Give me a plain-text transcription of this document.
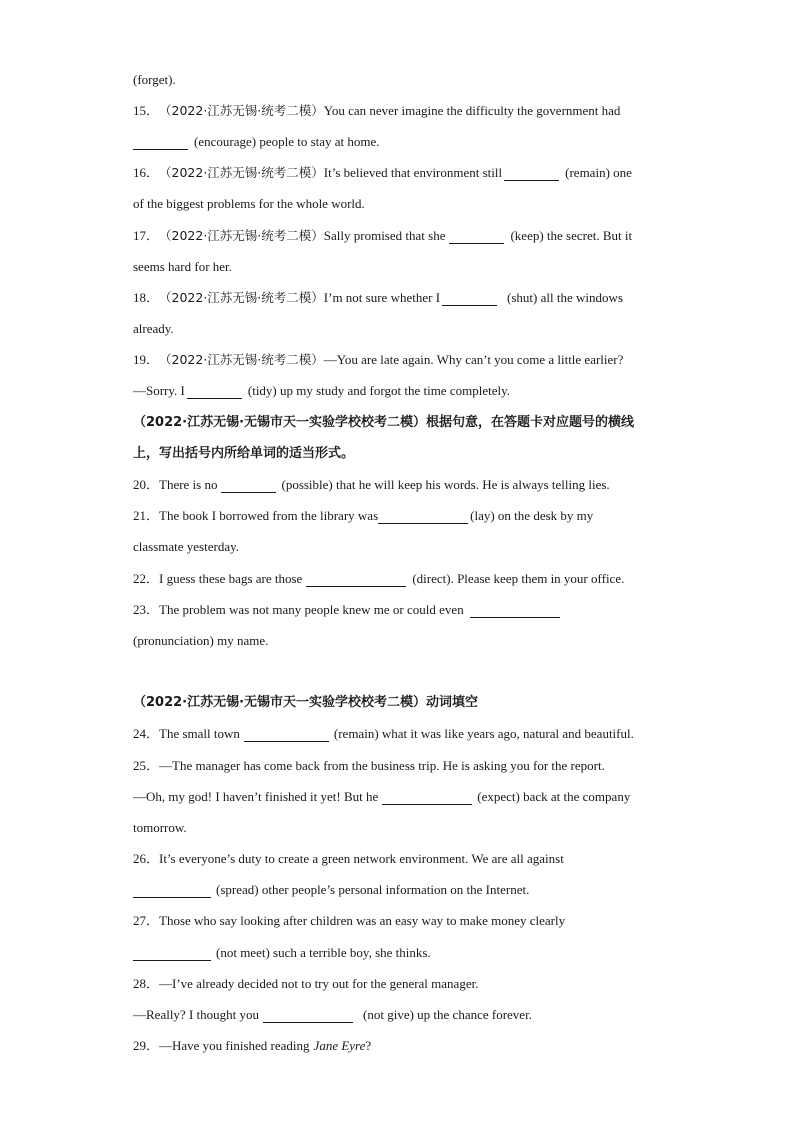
(forget).
15． （2022·江苏无锡·统考二模） You can never imagine the difficulty the government had
(encourage) people to stay at home.
16． （2022·江苏无锡·统考二模） It’s believed that environment still	(remain) one
of the biggest problems for the whole world.
17． （2022·江苏无锡·统考二模） Sally promised that she	(keep) the secret. But it
seems hard for her.
18． （2022·江苏无锡·统考二模） I’m not sure whether I	(shut) all the windows
already.
19． （2022·江苏无锡·统考二模） —You are late again. Why can’t you come a little earlier?
—Sorry. I	(tidy) up my study and forgot the time completely.
（2022·江苏无锡·无锡市天一实验学校校考二模）根据句意，在答题卡对应题号的横线
上，写出括号内所给单词的适当形式。
20．There is no	(possible) that he will keep his words. He is always telling lies.
21．The book I borrowed from the library was	(lay) on the desk by my
classmate yesterday.
22．I guess these bags are those	(direct). Please keep them in your office.
23．The problem was not many people knew me or could even
(pronunciation) my name.
（2022·江苏无锡·无锡市天一实验学校校考二模）动词填空
24．The small town	(remain) what it was like years ago, natural and beautiful.
25．—The manager has come back from the business trip. He is asking you for the report.
—Oh, my god! I haven’t finished it yet! But he	(expect) back at the company
tomorrow.
26．It’s everyone’s duty to create a green network environment. We are all against
(spread) other people’s personal information on the Internet.
27．Those who say looking after children was an easy way to make money clearly
(not meet) such a terrible boy, she thinks.
28．—I’ve already decided not to try out for the general manager.
—Really? I thought you	(not give) up the chance forever.
29．—Have you finished reading Jane Eyre ?
